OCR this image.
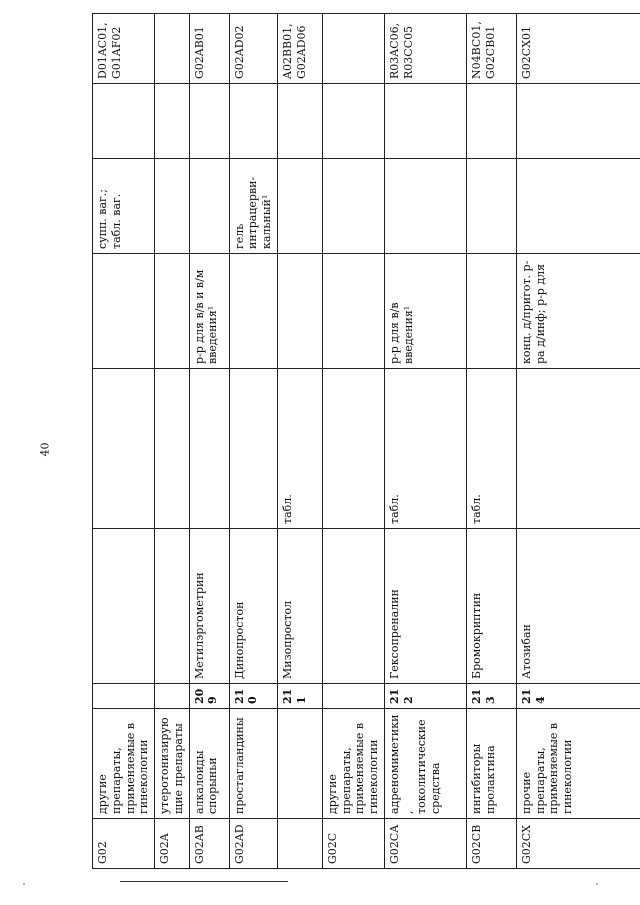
40
G02	другие препараты, применяемые в гинекологии					супп. ваг.; табл. ваг.		D01AC01, G01AF02
G02A	утеротонизирующие препараты							
G02AB	алкалоиды спорыньи	209	Метилэргометрин		р-р для в/в и в/м введения¹			G02AB01
G02AD	простагландины	210	Динопростон			гель интрацерви-кальный¹		G02AD02
		211	Мизопростол	табл.				A02BB01, G02AD06
G02C	другие препараты, применяемые в гинекологии							
G02CA	адреномиметики, токолитические средства	212	Гексопреналин	табл.	р-р для в/в введения¹			R03AC06, R03CC05
G02CB	ингибиторы пролактина	213	Бромокриптин	табл.				N04BC01, G02CB01
G02CX	прочие препараты, применяемые в гинекологии	214	Атозибан		конц. д/пригот. р-ра д/инф; р-р для			G02CX01
